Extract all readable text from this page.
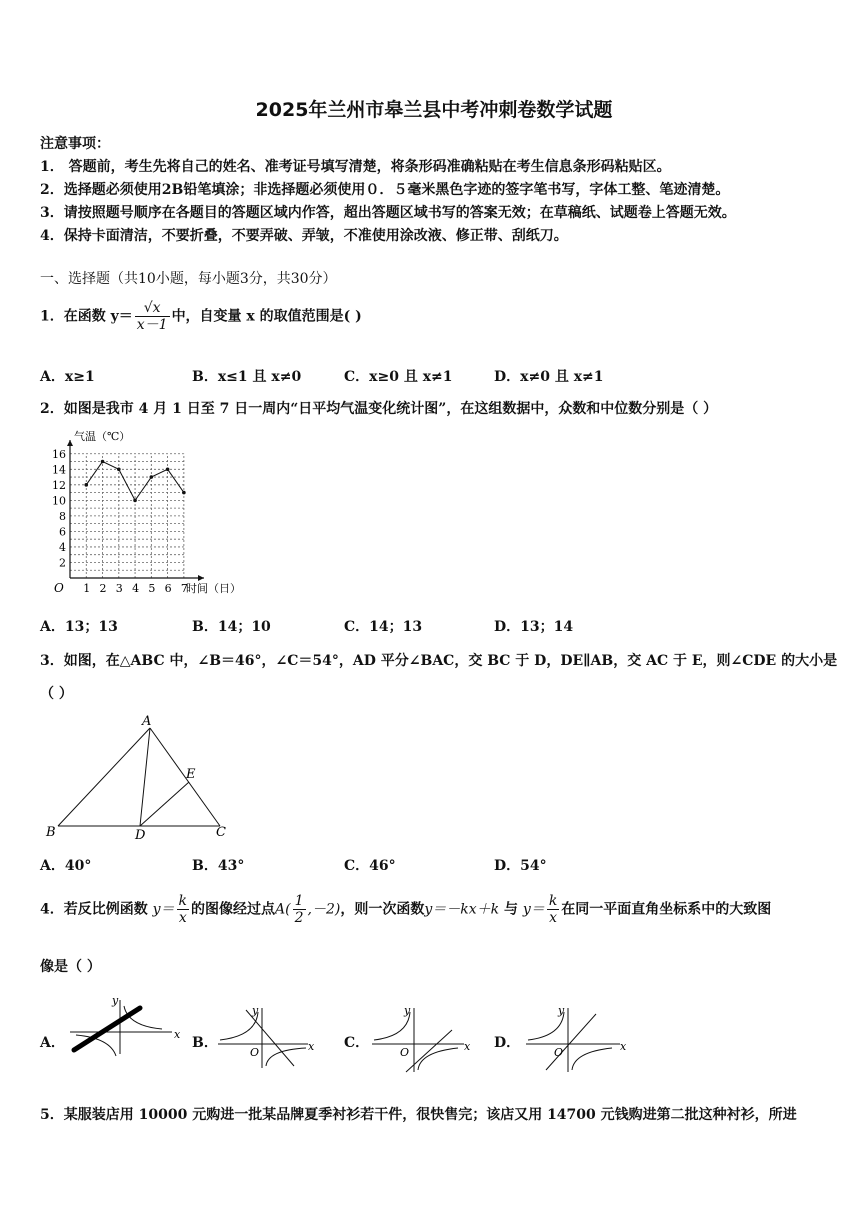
2025年兰州市皋兰县中考冲刺卷数学试题
注意事项：
1． 答题前，考生先将自己的姓名、准考证号填写清楚，将条形码准确粘贴在考生信息条形码粘贴区。
2．选择题必须使用2B铅笔填涂；非选择题必须使用０．５毫米黑色字迹的签字笔书写，字体工整、笔迹清楚。
3．请按照题号顺序在各题目的答题区域内作答，超出答题区域书写的答案无效；在草稿纸、试题卷上答题无效。
4．保持卡面清洁，不要折叠，不要弄破、弄皱，不准使用涂改液、修正带、刮纸刀。
一、选择题（共10小题，每小题3分，共30分）
1．在函数 $y= \frac{√x}{x-1}$ 中，自变量 x 的取值范围是( )
A．x≥1	B．x≤1 且 x≠0	C．x≥0 且 x≠1	D．x≠0 且 x≠1
2．如图是我市 4 月 1 日至 7 日一周内“日平均气温变化统计图”，在这组数据中，众数和中位数分别是（ ）
1 2 3 4 5 6 7
2
4
6
8
10
12
14
16
气温（℃）
时间（日）
O
A．13；13	B．14；10	C．14；13	D．13；14
3．如图，在△ABC 中，∠B＝46°，∠C＝54°，AD 平分∠BAC，交 BC 于 D，DE∥AB，交 AC 于 E，则∠CDE 的大小是
（ ）
A
B	C
D
E
A．40°	B．43°	C．46°	D．54°
4．若反比例函数 $y= \frac{k}{x}$ 的图像经过点$A( \frac{1}{2} ,-2)$，则一次函数y＝－kx＋k 与 $y= \frac{k}{x}$ 在同一平面直角坐标系中的大致图
像是（ ）
A．
x
y
B．	x
y
O
C．	x
y
O
D．	x
y
O
5．某服装店用 10000 元购进一批某品牌夏季衬衫若干件，很快售完；该店又用 14700 元钱购进第二批这种衬衫，所进
